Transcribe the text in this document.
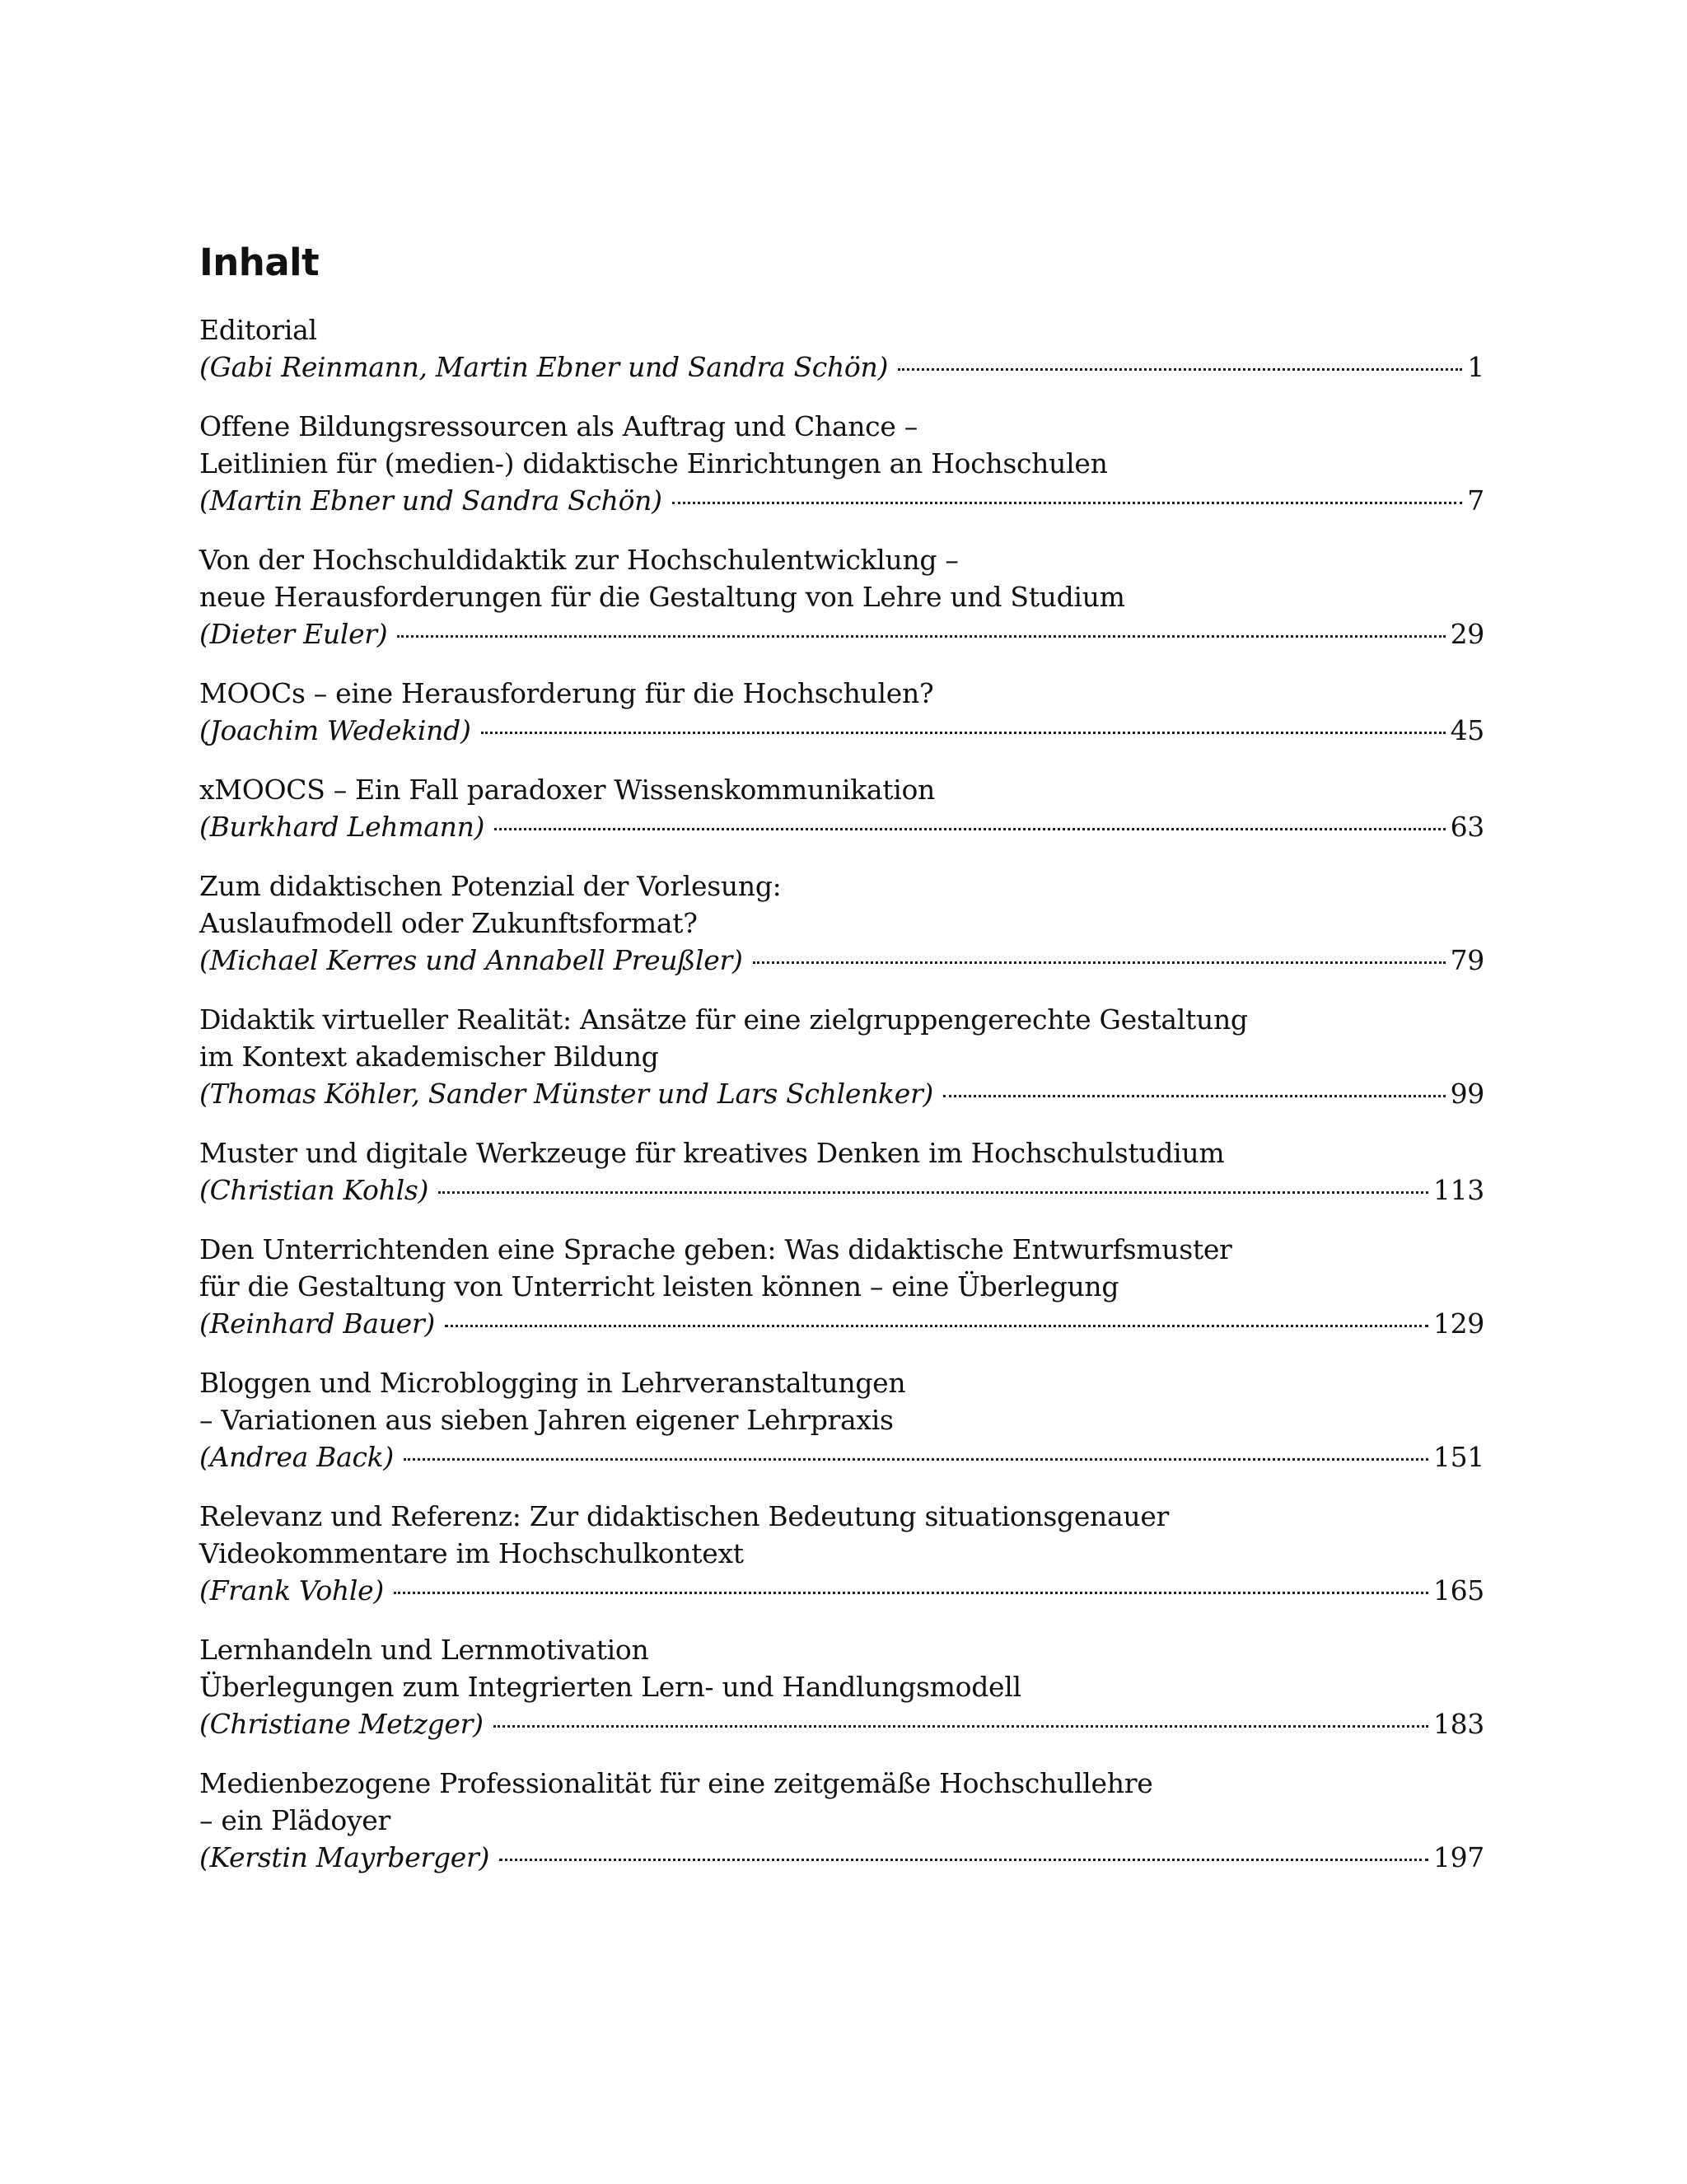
Inhalt
Editorial
(Gabi Reinmann, Martin Ebner und Sandra Schön)	1
Offene Bildungsressourcen als Auftrag und Chance –
Leitlinien für (medien-) didaktische Einrichtungen an Hochschulen
(Martin Ebner und Sandra Schön)	7
Von der Hochschuldidaktik zur Hochschulentwicklung –
neue Herausforderungen für die Gestaltung von Lehre und Studium
(Dieter Euler)	29
MOOCs – eine Herausforderung für die Hochschulen?
(Joachim Wedekind)	45
xMOOCS – Ein Fall paradoxer Wissenskommunikation
(Burkhard Lehmann)	63
Zum didaktischen Potenzial der Vorlesung:
Auslaufmodell oder Zukunftsformat?
(Michael Kerres und Annabell Preußler)	79
Didaktik virtueller Realität: Ansätze für eine zielgruppengerechte Gestaltung
im Kontext akademischer Bildung
(Thomas Köhler, Sander Münster und Lars Schlenker)	99
Muster und digitale Werkzeuge für kreatives Denken im Hochschulstudium
(Christian Kohls)	113
Den Unterrichtenden eine Sprache geben: Was didaktische Entwurfsmuster
für die Gestaltung von Unterricht leisten können – eine Überlegung
(Reinhard Bauer)	129
Bloggen und Microblogging in Lehrveranstaltungen
– Variationen aus sieben Jahren eigener Lehrpraxis
(Andrea Back)	151
Relevanz und Referenz: Zur didaktischen Bedeutung situationsgenauer
Videokommentare im Hochschulkontext
(Frank Vohle)	165
Lernhandeln und Lernmotivation
Überlegungen zum Integrierten Lern- und Handlungsmodell
(Christiane Metzger)	183
Medienbezogene Professionalität für eine zeitgemäße Hochschullehre
– ein Plädoyer
(Kerstin Mayrberger)	197
